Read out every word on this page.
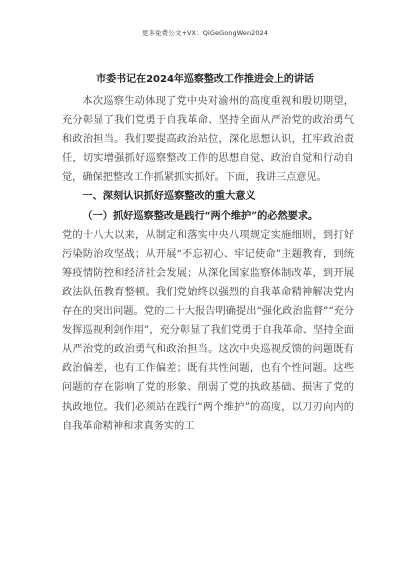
更多免费公文+VX：QiGeGongWen2024
市委书记在2024年巡察整改工作推进会上的讲话

本次巡察生动体现了党中央对渝州的高度重视和殷切期望，充分彰显了我们党勇于自我革命、坚持全面从严治党的政治勇气和政治担当。我们要提高政治站位，深化思想认识，扛牢政治责任，切实增强抓好巡察整改工作的思想自觉、政治自觉和行动自觉，确保把整改工作抓紧抓实抓好。下面，我讲三点意见。

一、深刻认识抓好巡察整改的重大意义

（一）抓好巡察整改是践行“两个维护”的必然要求。

党的十八大以来，从制定和落实中央八项规定实施细则，到打好污染防治攻坚战；从开展“不忘初心、牢记使命”主题教育，到统筹疫情防控和经济社会发展；从深化国家监察体制改革，到开展政法队伍教育整顿。我们党始终以强烈的自我革命精神解决党内存在的突出问题。党的二十大报告明确提出“强化政治监督”“充分发挥巡视利剑作用”，充分彰显了我们党勇于自我革命、坚持全面从严治党的政治勇气和政治担当。这次中央巡视反馈的问题既有政治偏差，也有工作偏差；既有共性问题，也有个性问题。这些问题的存在影响了党的形象、削弱了党的执政基础、损害了党的执政地位。我们必须站在践行“两个维护”的高度，以刀刃向内的自我革命精神和求真务实的工
